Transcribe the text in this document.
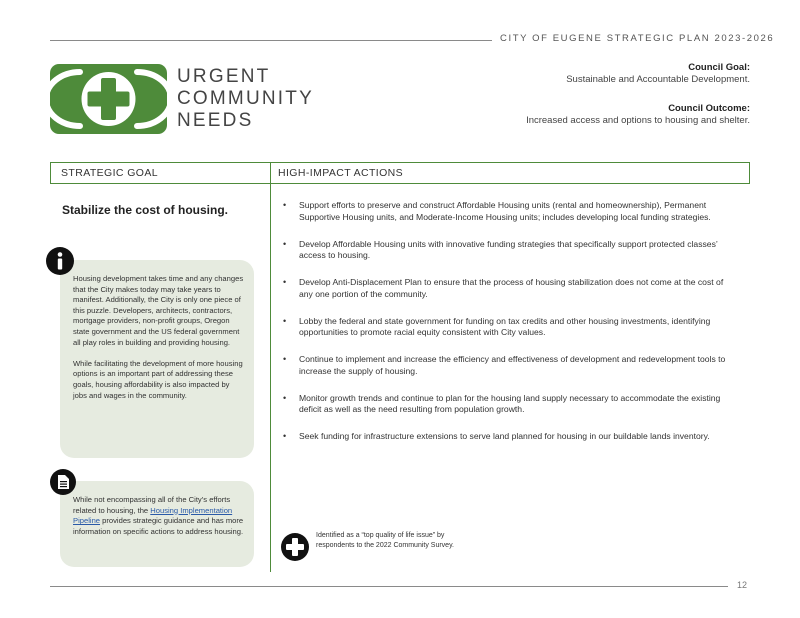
CITY OF EUGENE STRATEGIC PLAN 2023-2026
URGENT
COMMUNITY
NEEDS
Council Goal:
Sustainable and Accountable Development.
Council Outcome:
Increased access and options to housing and shelter.
STRATEGIC GOAL	HIGH-IMPACT ACTIONS
Stabilize the cost of housing.

Housing development takes time and any changes that the City makes today may take years to manifest. Additionally, the City is only one piece of this puzzle. Developers, architects, contractors, mortgage providers, non-profit groups, Oregon state government and the US federal government all play roles in building and providing housing.

While facilitating the development of more housing options is an important part of addressing these goals, housing affordability is also impacted by jobs and wages in the community.

While not encompassing all of the City’s efforts related to housing, the Housing Implementation Pipeline provides strategic guidance and has more information on specific actions to address housing.
• Support efforts to preserve and construct Affordable Housing units (rental and homeownership), Permanent Supportive Housing units, and Moderate-Income Housing units; includes developing local funding strategies.
• Develop Affordable Housing units with innovative funding strategies that specifically support protected classes’ access to housing.
• Develop Anti-Displacement Plan to ensure that the process of housing stabilization does not come at the cost of any one portion of the community.
• Lobby the federal and state government for funding on tax credits and other housing investments, identifying opportunities to promote racial equity consistent with City values.
• Continue to implement and increase the efficiency and effectiveness of development and redevelopment tools to increase the supply of housing.
• Monitor growth trends and continue to plan for the housing land supply necessary to accommodate the existing deficit as well as the need resulting from population growth.
• Seek funding for infrastructure extensions to serve land planned for housing in our buildable lands inventory.
Identified as a “top quality of life issue” by respondents to the 2022 Community Survey.
12
